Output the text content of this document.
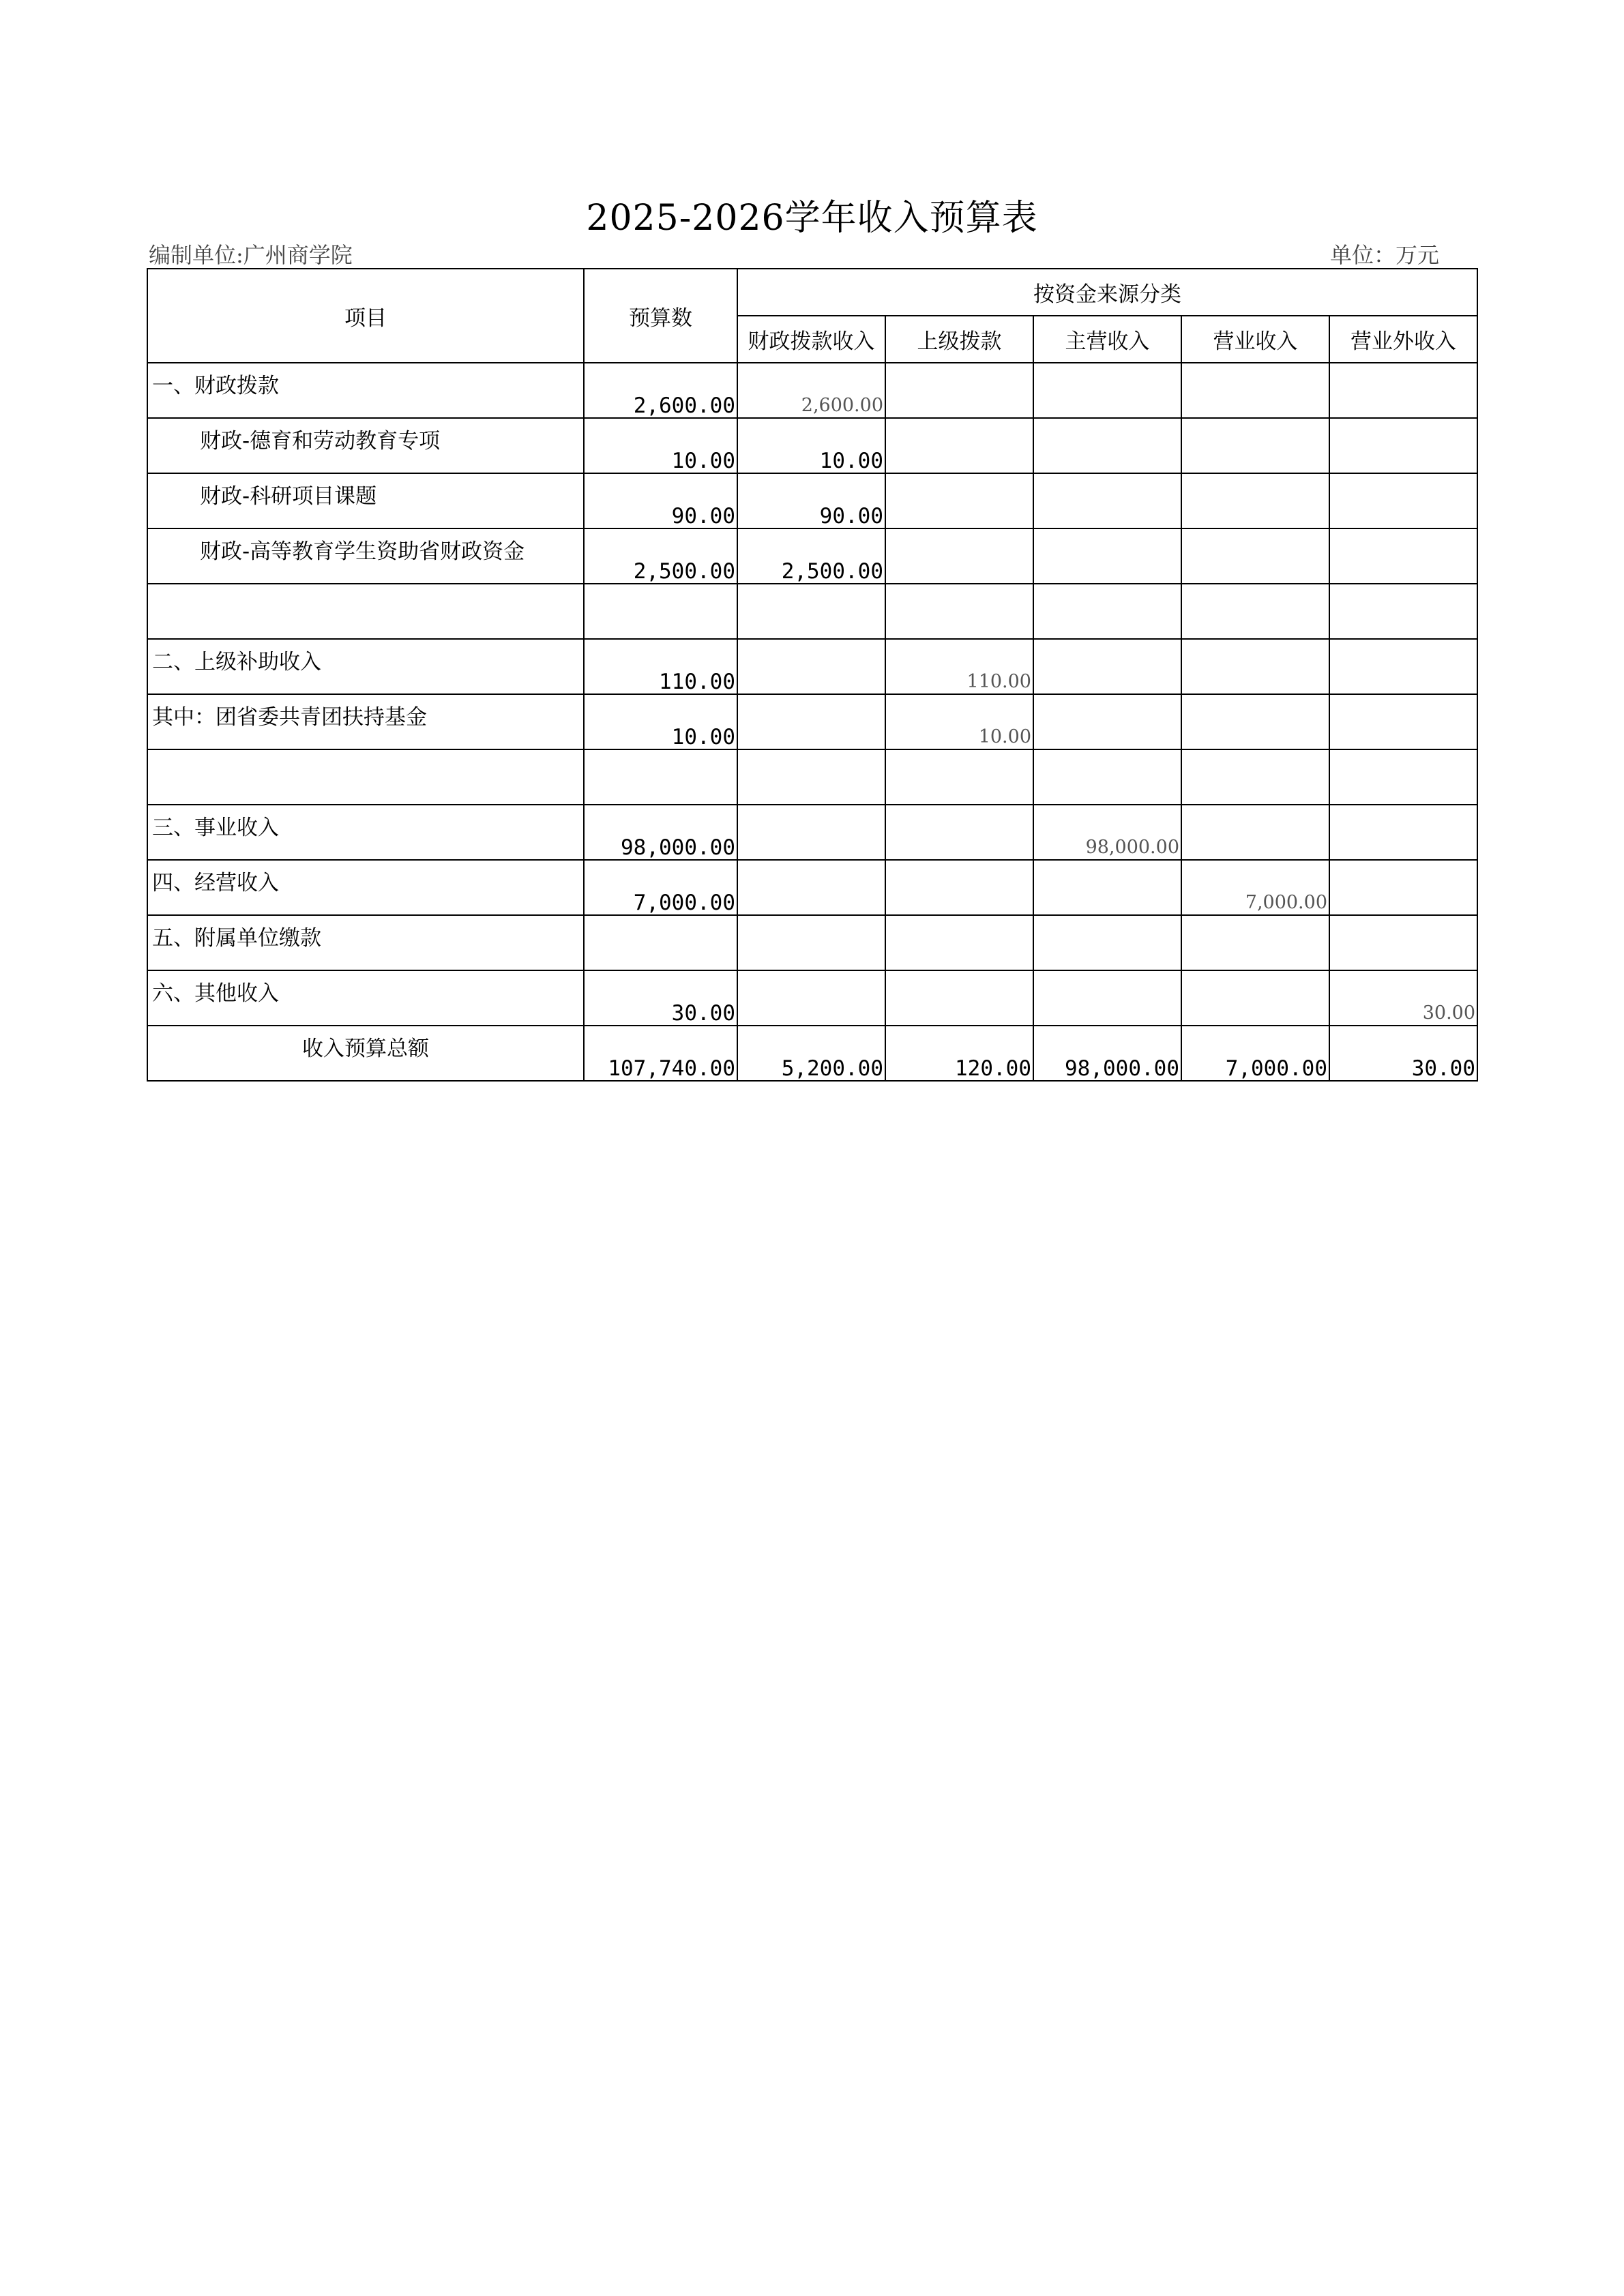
2025-2026学年收入预算表
编制单位:广州商学院	单位：万元
项目	预算数	按资金来源分类				
		财政拨款收入	上级拨款	主营收入	营业收入	营业外收入
一、财政拨款	2,600.00	2,600.00				
财政-德育和劳动教育专项	10.00	10.00				
财政-科研项目课题	90.00	90.00				
财政-高等教育学生资助省财政资金	2,500.00	2,500.00				

二、上级补助收入	110.00		110.00			
其中：团省委共青团扶持基金	10.00		10.00			

三、事业收入	98,000.00			98,000.00		
四、经营收入	7,000.00				7,000.00	
五、附属单位缴款						
六、其他收入	30.00					30.00
收入预算总额	107,740.00	5,200.00	120.00	98,000.00	7,000.00	30.00
